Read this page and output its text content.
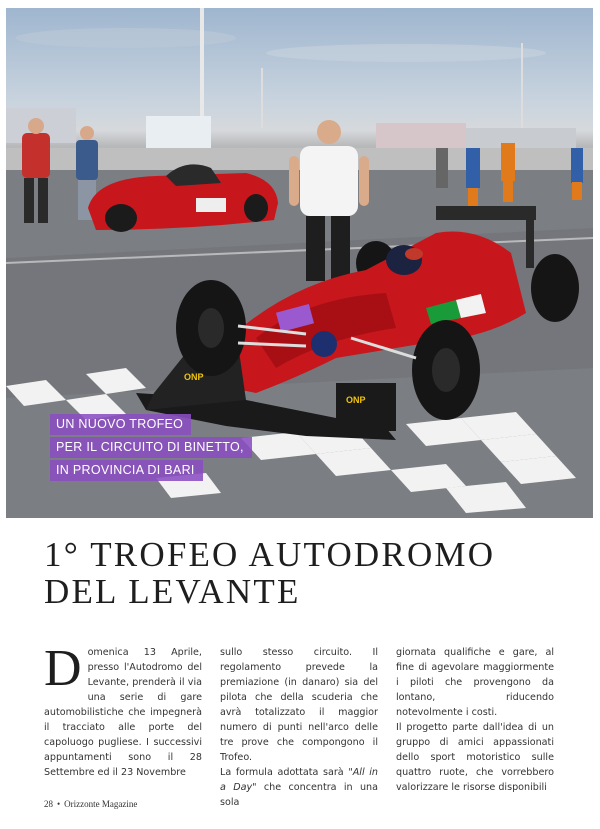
ONP
ONP
UN NUOVO TROFEO
PER IL CIRCUITO DI BINETTO,
IN PROVINCIA DI BARI
1° TROFEO AUTODROMO DEL LEVANTE

Domenica 13 Aprile, presso l'Autodromo del Levante, prenderà il via una serie di gare automobilistiche che impegnerà il tracciato alle porte del capoluogo pugliese. I successivi appuntamenti sono il 28 Settembre ed il 23 Novembre

sullo stesso circuito. Il regolamento prevede la premiazione (in danaro) sia del pilota che della scuderia che avrà totalizzato il maggior numero di punti nell'arco delle tre prove che compongono il Trofeo.

La formula adottata sarà "All in a Day" che concentra in una sola

giornata qualifiche e gare, al fine di agevolare maggiormente i piloti che provengono da lontano, riducendo notevolmente i costi.

Il progetto parte dall'idea di un gruppo di amici appassionati dello sport motoristico sulle quattro ruote, che vorrebbero valorizzare le risorse disponibili

28 • Orizzonte Magazine
